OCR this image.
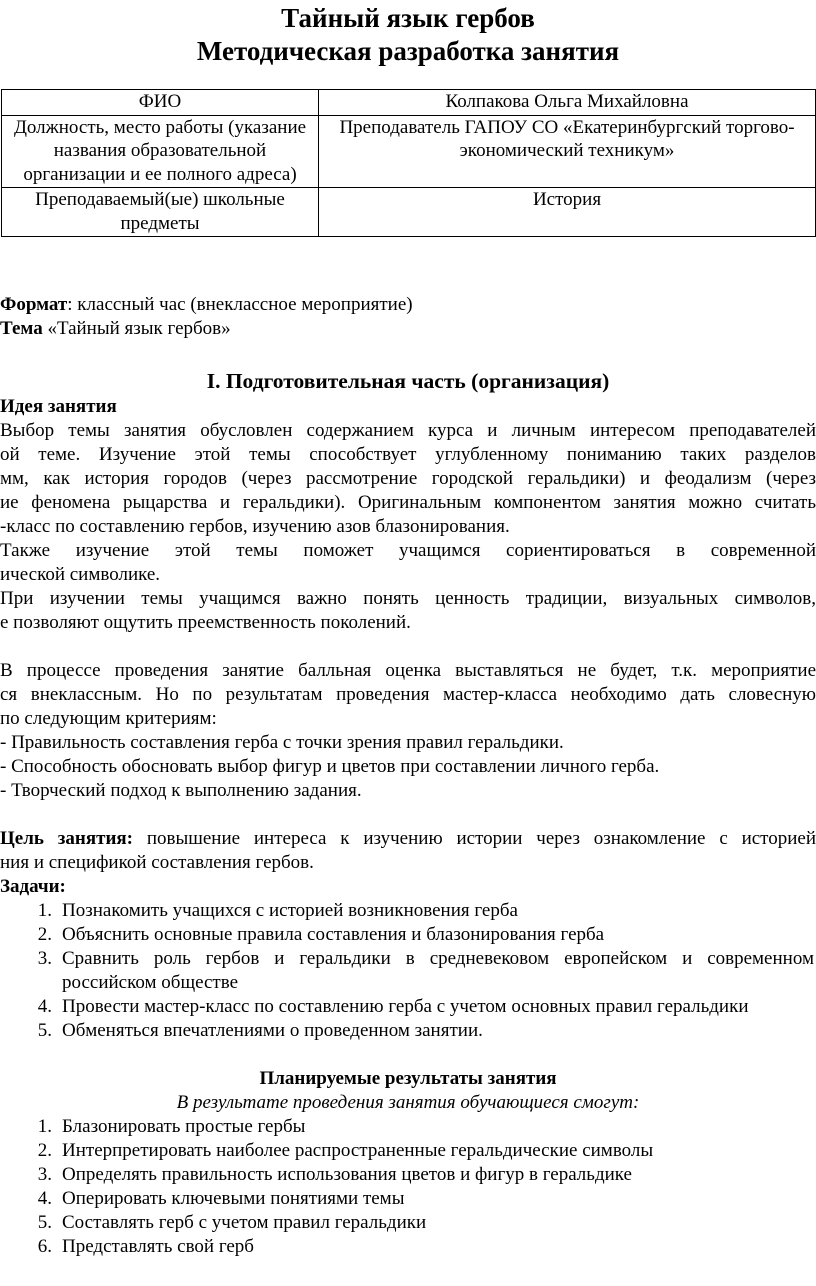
Тайный язык гербов
Методическая разработка занятия
ФИО	Колпакова Ольга Михайловна
Должность, место работы (указание названия образовательной организации и ее полного адреса)	Преподаватель ГАПОУ СО «Екатеринбургский торгово-экономический техникум»
Преподаваемый(ые) школьные предметы	История
Формат: классный час (внеклассное мероприятие)
Тема «Тайный язык гербов»
I. Подготовительная часть (организация)
Идея занятия
Выбор темы занятия обусловлен содержанием курса и личным интересом преподавателей
ой теме. Изучение этой темы способствует углубленному пониманию таких разделов
мм, как история городов (через рассмотрение городской геральдики) и феодализм (через
ие феномена рыцарства и геральдики). Оригинальным компонентом занятия можно считать
-класс по составлению гербов, изучению азов блазонирования.
Также изучение этой темы поможет учащимся сориентироваться в современной
ической символике.
При изучении темы учащимся важно понять ценность традиции, визуальных символов,
е позволяют ощутить преемственность поколений.
В процессе проведения занятие балльная оценка выставляться не будет, т.к. мероприятие
ся внеклассным. Но по результатам проведения мастер-класса необходимо дать словесную
по следующим критериям:
- Правильность составления герба с точки зрения правил геральдики.
- Способность обосновать выбор фигур и цветов при составлении личного герба.
- Творческий подход к выполнению задания.
Цель занятия: повышение интереса к изучению истории через ознакомление с историей
ния и спецификой составления гербов.
Задачи:
1. Познакомить учащихся с историей возникновения герба
2. Объяснить основные правила составления и блазонирования герба
3. Сравнить роль гербов и геральдики в средневековом европейском и современном российском обществе
4. Провести мастер-класс по составлению герба с учетом основных правил геральдики
5. Обменяться впечатлениями о проведенном занятии.
Планируемые результаты занятия
В результате проведения занятия обучающиеся смогут:
1. Блазонировать простые гербы
2. Интерпретировать наиболее распространенные геральдические символы
3. Определять правильность использования цветов и фигур в геральдике
4. Оперировать ключевыми понятиями темы
5. Составлять герб с учетом правил геральдики
6. Представлять свой герб
